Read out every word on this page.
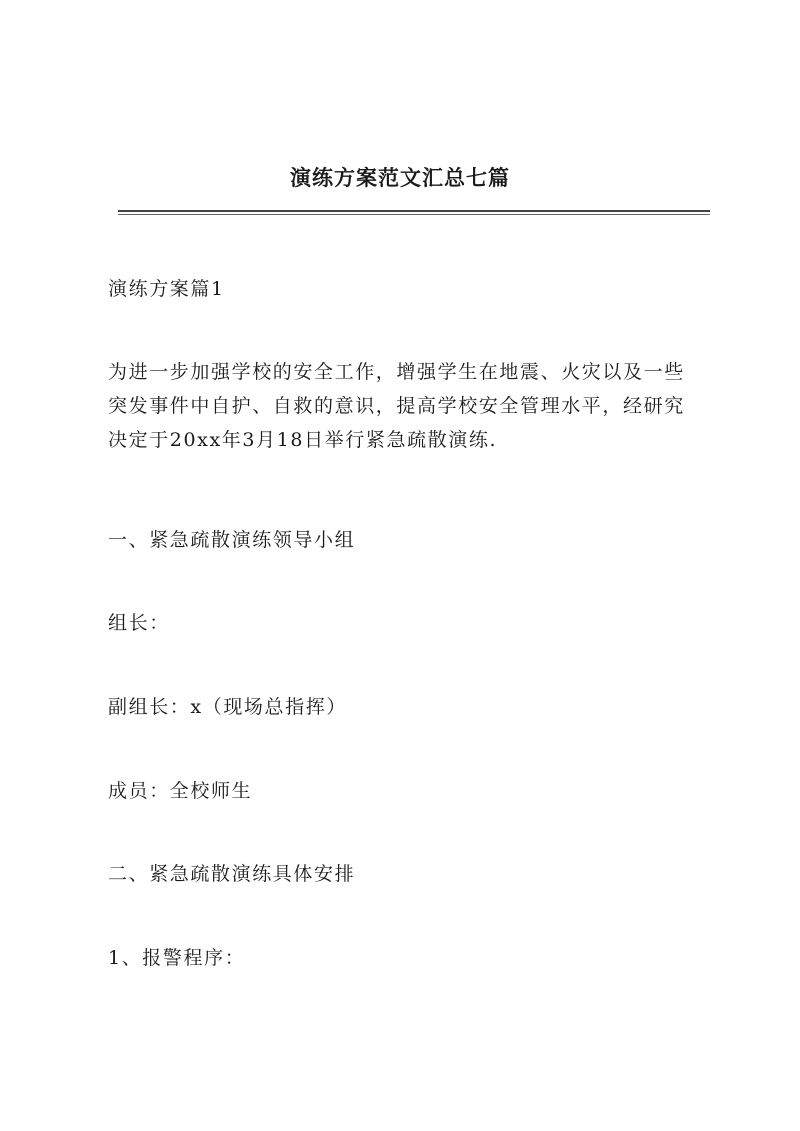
演练方案范文汇总七篇
演练方案篇1
为进一步加强学校的安全工作，增强学生在地震、火灾以及一些
突发事件中自护、自救的意识，提高学校安全管理水平，经研究
决定于20xx年3月18日举行紧急疏散演练.
一、紧急疏散演练领导小组
组长：
副组长：x（现场总指挥）
成员：全校师生
二、紧急疏散演练具体安排
1、报警程序：
